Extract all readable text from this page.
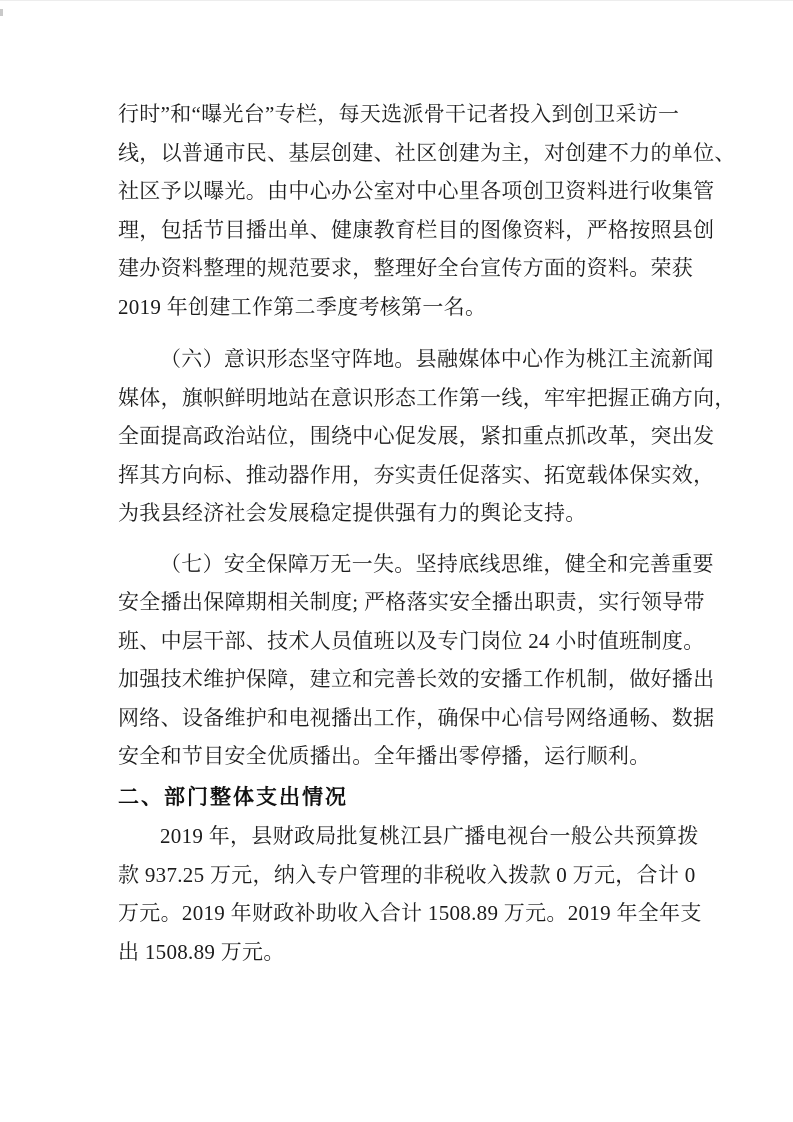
行时”和“曝光台”专栏，每天选派骨干记者投入到创卫采访一
线，以普通市民、基层创建、社区创建为主，对创建不力的单位、
社区予以曝光。由中心办公室对中心里各项创卫资料进行收集管
理，包括节目播出单、健康教育栏目的图像资料，严格按照县创
建办资料整理的规范要求，整理好全台宣传方面的资料。荣获
2019 年创建工作第二季度考核第一名。
（六）意识形态坚守阵地。县融媒体中心作为桃江主流新闻
媒体，旗帜鲜明地站在意识形态工作第一线，牢牢把握正确方向，
全面提高政治站位，围绕中心促发展，紧扣重点抓改革，突出发
挥其方向标、推动器作用，夯实责任促落实、拓宽载体保实效，
为我县经济社会发展稳定提供强有力的舆论支持。
（七）安全保障万无一失。坚持底线思维，健全和完善重要
安全播出保障期相关制度; 严格落实安全播出职责，实行领导带
班、中层干部、技术人员值班以及专门岗位 24 小时值班制度。
加强技术维护保障，建立和完善长效的安播工作机制，做好播出
网络、设备维护和电视播出工作，确保中心信号网络通畅、数据
安全和节目安全优质播出。全年播出零停播，运行顺利。
二、部门整体支出情况
2019 年，县财政局批复桃江县广播电视台一般公共预算拨
款 937.25 万元，纳入专户管理的非税收入拨款 0 万元，合计 0
万元。2019 年财政补助收入合计 1508.89 万元。2019 年全年支
出 1508.89 万元。
